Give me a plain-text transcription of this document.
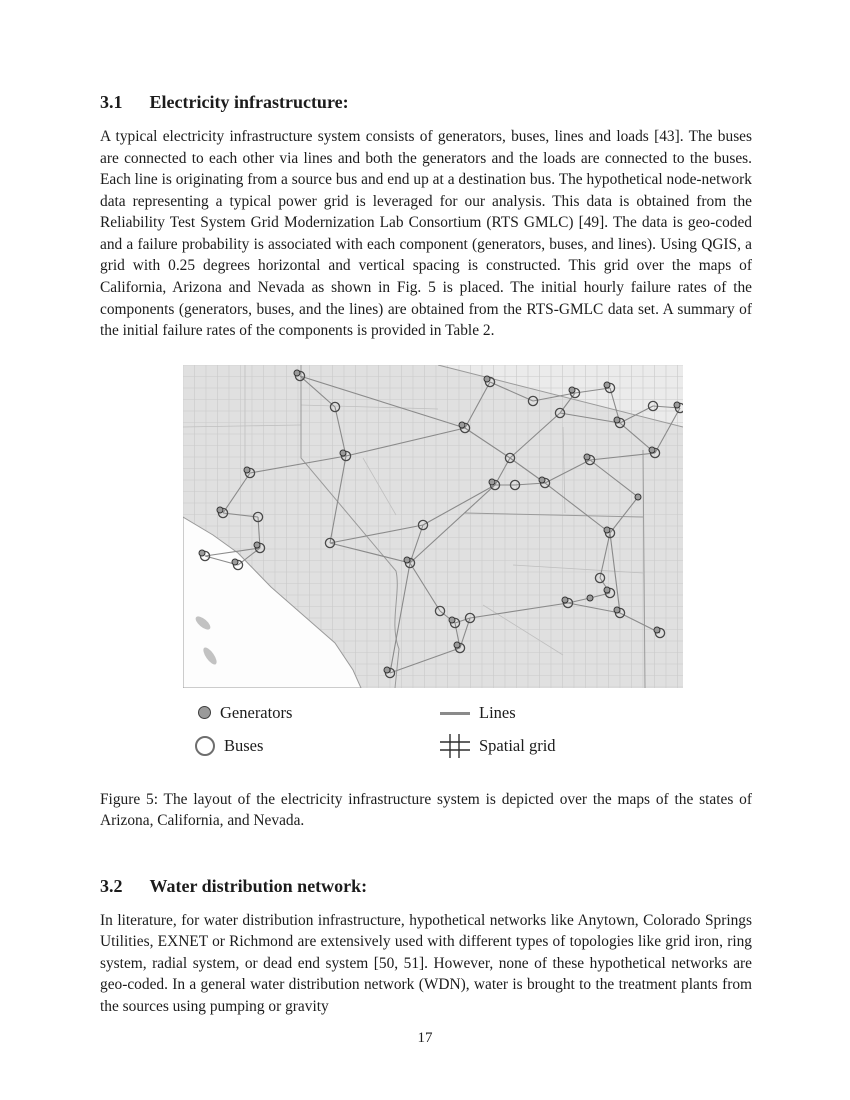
3.1 Electricity infrastructure:

A typical electricity infrastructure system consists of generators, buses, lines and loads [43]. The buses are connected to each other via lines and both the generators and the loads are connected to the buses. Each line is originating from a source bus and end up at a destination bus. The hypothetical node-network data representing a typical power grid is leveraged for our analysis. This data is obtained from the Reliability Test System Grid Modernization Lab Consortium (RTS GMLC) [49]. The data is geo-coded and a failure probability is associated with each component (generators, buses, and lines). Using QGIS, a grid with 0.25 degrees horizontal and vertical spacing is constructed. This grid over the maps of California, Arizona and Nevada as shown in Fig. 5 is placed. The initial hourly failure rates of the components (generators, buses, and the lines) are obtained from the RTS-GMLC data set. A summary of the initial failure rates of the components is provided in Table 2.

Generators
Buses
Lines
Spatial grid
Figure 5: The layout of the electricity infrastructure system is depicted over the maps of the states of Arizona, California, and Nevada.
3.2 Water distribution network:

In literature, for water distribution infrastructure, hypothetical networks like Anytown, Colorado Springs Utilities, EXNET or Richmond are extensively used with different types of topologies like grid iron, ring system, radial system, or dead end system [50, 51]. However, none of these hypothetical networks are geo-coded. In a general water distribution network (WDN), water is brought to the treatment plants from the sources using pumping or gravity

17
